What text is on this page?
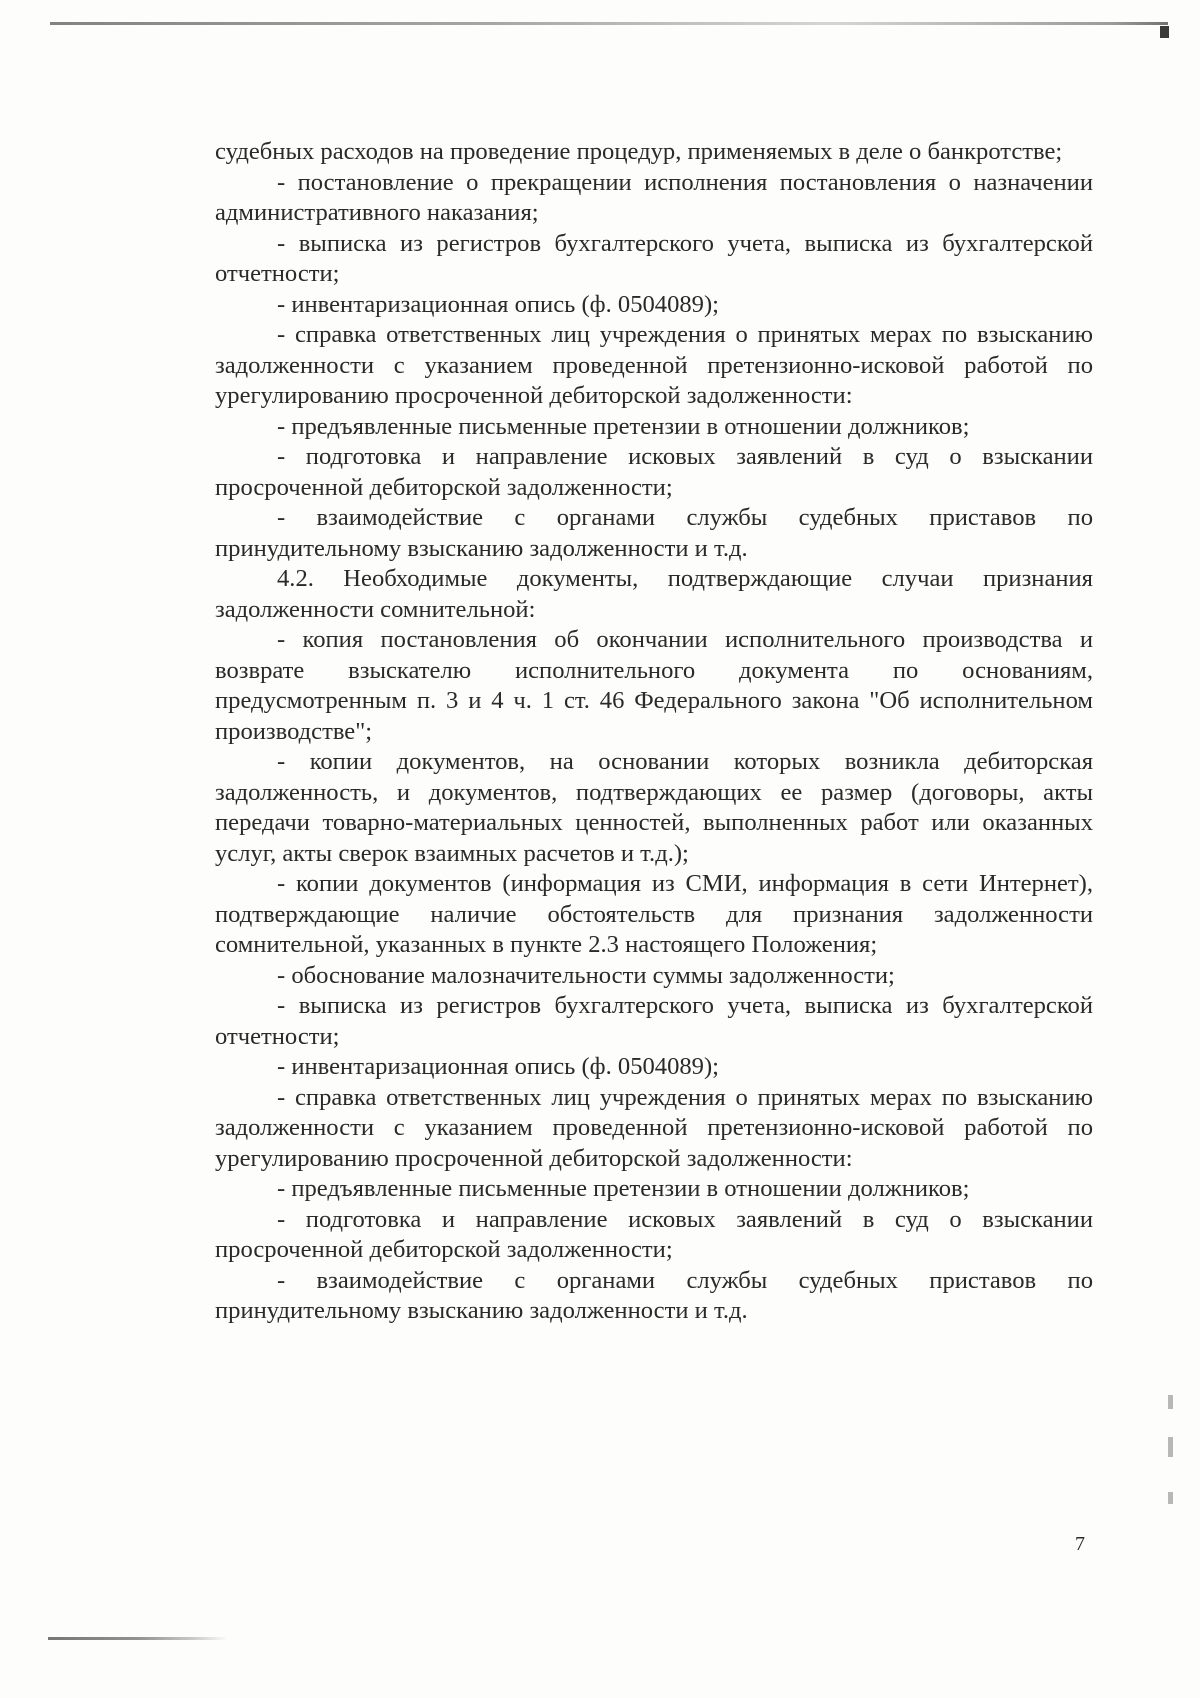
судебных расходов на проведение процедур, применяемых в деле о банкротстве;

- постановление о прекращении исполнения постановления о назначении административного наказания;

- выписка из регистров бухгалтерского учета, выписка из бухгалтерской отчетности;

- инвентаризационная опись (ф. 0504089);

- справка ответственных лиц учреждения о принятых мерах по взысканию задолженности с указанием проведенной претензионно-исковой работой по урегулированию просроченной дебиторской задолженности:

- предъявленные письменные претензии в отношении должников;

- подготовка и направление исковых заявлений в суд о взыскании просроченной дебиторской задолженности;

- взаимодействие с органами службы судебных приставов по принудительному взысканию задолженности и т.д.

4.2. Необходимые документы, подтверждающие случаи признания задолженности сомнительной:

- копия постановления об окончании исполнительного производства и возврате взыскателю исполнительного документа по основаниям, предусмотренным п. 3 и 4 ч. 1 ст. 46 Федерального закона "Об исполнительном производстве";

- копии документов, на основании которых возникла дебиторская задолженность, и документов, подтверждающих ее размер (договоры, акты передачи товарно-материальных ценностей, выполненных работ или оказанных услуг, акты сверок взаимных расчетов и т.д.);

- копии документов (информация из СМИ, информация в сети Интернет), подтверждающие наличие обстоятельств для признания задолженности сомнительной, указанных в пункте 2.3 настоящего Положения;

- обоснование малозначительности суммы задолженности;

- выписка из регистров бухгалтерского учета, выписка из бухгалтерской отчетности;

- инвентаризационная опись (ф. 0504089);

- справка ответственных лиц учреждения о принятых мерах по взысканию задолженности с указанием проведенной претензионно-исковой работой по урегулированию просроченной дебиторской задолженности:

- предъявленные письменные претензии в отношении должников;

- подготовка и направление исковых заявлений в суд о взыскании просроченной дебиторской задолженности;

- взаимодействие с органами службы судебных приставов по принудительному взысканию задолженности и т.д.

7
